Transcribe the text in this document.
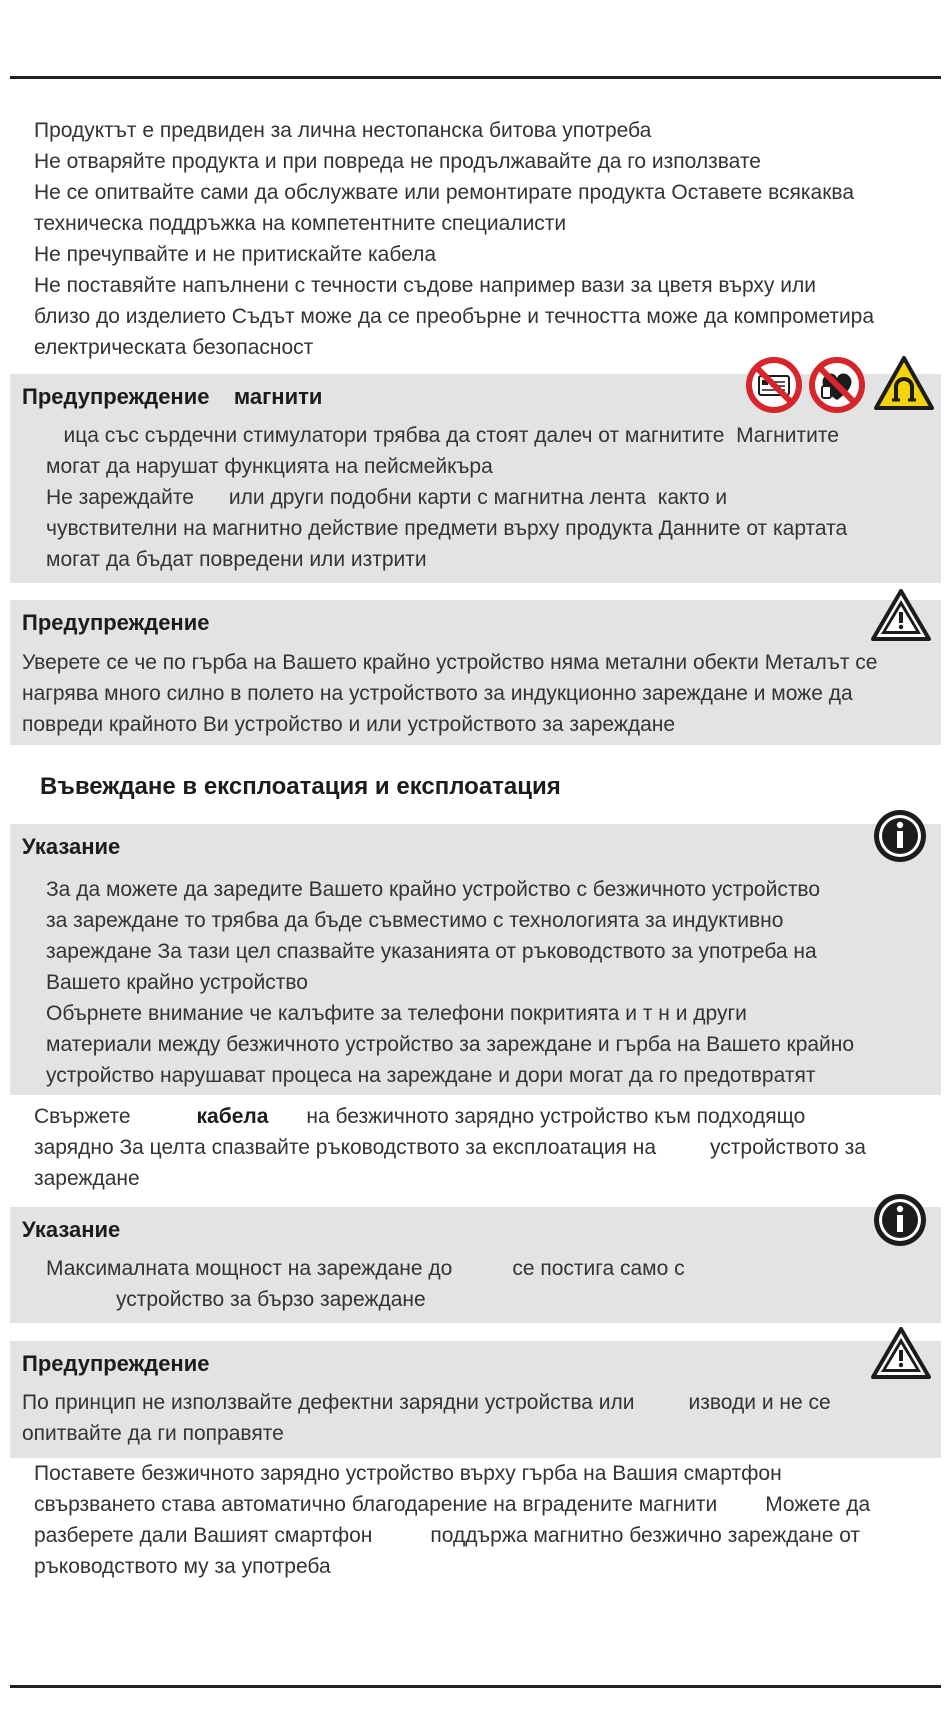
Продуктът е предвиден за лична нестопанска битова употреба
Не отваряйте продукта и при повреда не продължавайте да го използвате
Не се опитвайте сами да обслужвате или ремонтирате продукта Оставете всякаква
техническа поддръжка на компетентните специалисти
Не пречупвайте и не притискайте кабела
Не поставяйте напълнени с течности съдове например вази за цветя върху или
близо до изделието Съдът може да се преобърне и течността може да компрометира
електрическата безопасност
Предупреждение    магнити
ица със сърдечни стимулатори трябва да стоят далеч от магнитите  Магнитите
могат да нарушат функцията на пейсмейкъра
Не зареждайте      или други подобни карти с магнитна лента  както и
чувствителни на магнитно действие предмети върху продукта Данните от картата
могат да бъдат повредени или изтрити
Предупреждение
Уверете се че по гърба на Вашето крайно устройство няма метални обекти Металът се
нагрява много силно в полето на устройството за индукционно зареждане и може да
повреди крайното Ви устройство и или устройството за зареждане
Въвеждане в експлоатация и експлоатация
Указание
За да можете да заредите Вашето крайно устройство с безжичното устройство
за зареждане то трябва да бъде съвместимо с технологията за индуктивно
зареждане За тази цел спазвайте указанията от ръководството за употреба на
Вашето крайно устройство
Обърнете внимание че калъфите за телефони покритията и т н и други
материали между безжичното устройство за зареждане и гърба на Вашето крайно
устройство нарушават процеса на зареждане и дори могат да го предотвратят
Свържете	кабела на безжичното зарядно устройство към подходящо
зарядно За целта спазвайте ръководството за експлоатация на	устройството за
зареждане
Указание
Максималната мощност на зареждане до	се постига само с
устройство за бързо зареждане
Предупреждение
По принцип не използвайте дефектни зарядни устройства или	изводи и не се
опитвайте да ги поправяте
Поставете безжичното зарядно устройство върху гърба на Вашия смартфон
свързването става автоматично благодарение на вградените магнити Можете да
разберете дали Вашият смартфон	поддържа магнитно безжично зареждане от
ръководството му за употреба
